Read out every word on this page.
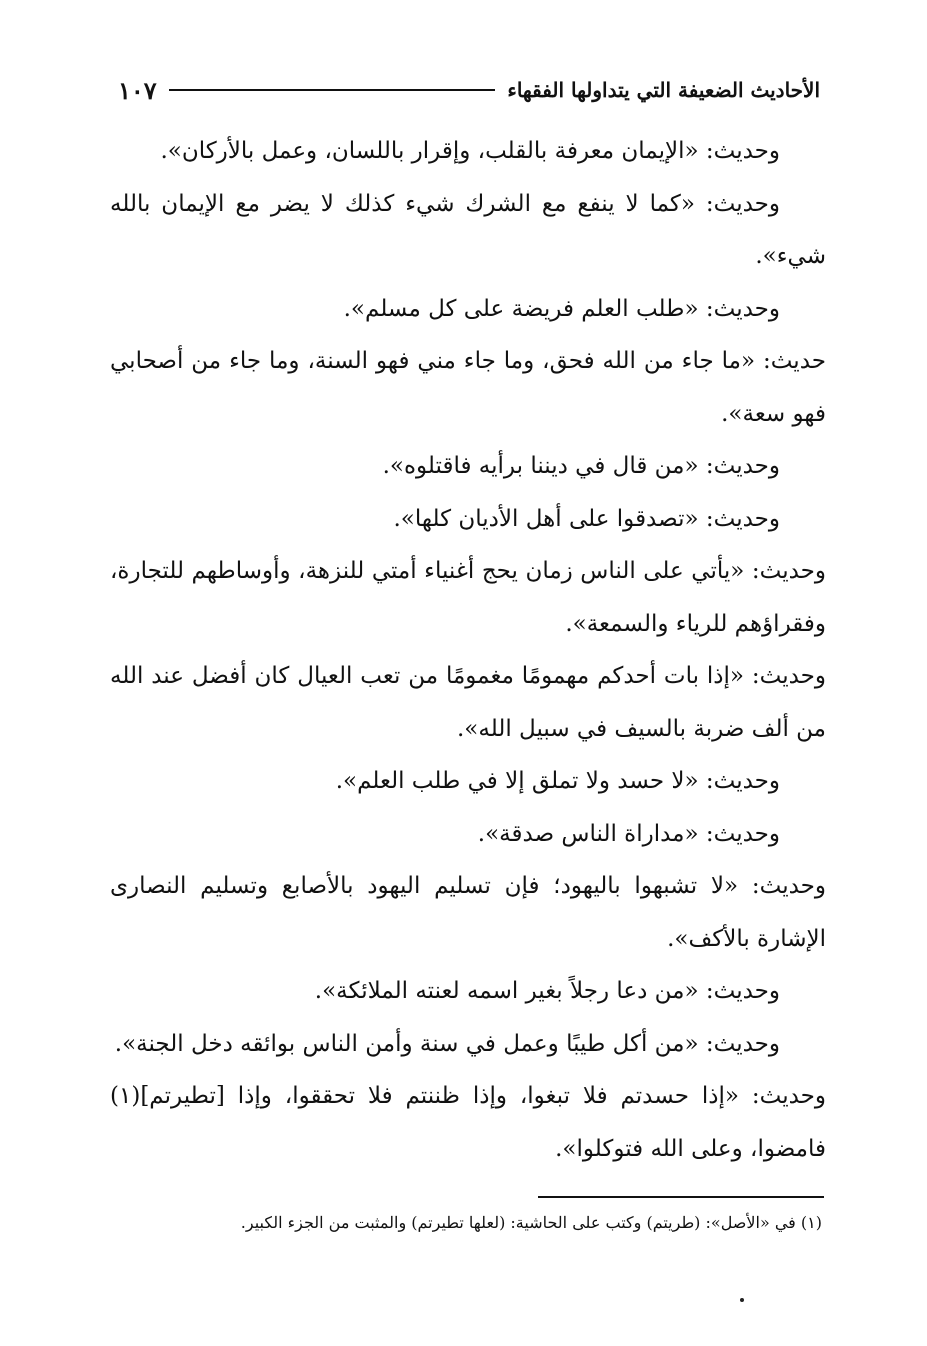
الأحاديث الضعيفة التي يتداولها الفقهاء
١٠٧

وحديث: «الإيمان معرفة بالقلب، وإقرار باللسان، وعمل بالأركان».

وحديث: «كما لا ينفع مع الشرك شيء كذلك لا يضر مع الإيمان بالله شيء».

وحديث: «طلب العلم فريضة على كل مسلم».

حديث: «ما جاء من الله فحق، وما جاء مني فهو السنة، وما جاء من أصحابي فهو سعة».

وحديث: «من قال في ديننا برأيه فاقتلوه».

وحديث: «تصدقوا على أهل الأديان كلها».

وحديث: «يأتي على الناس زمان يحج أغنياء أمتي للنزهة، وأوساطهم للتجارة، وفقراؤهم للرياء والسمعة».

وحديث: «إذا بات أحدكم مهمومًا مغمومًا من تعب العيال كان أفضل عند الله من ألف ضربة بالسيف في سبيل الله».

وحديث: «لا حسد ولا تملق إلا في طلب العلم».

وحديث: «مداراة الناس صدقة».

وحديث: «لا تشبهوا باليهود؛ فإن تسليم اليهود بالأصابع وتسليم النصارى الإشارة بالأكف».

وحديث: «من دعا رجلاً بغير اسمه لعنته الملائكة».

وحديث: «من أكل طيبًا وعمل في سنة وأمن الناس بوائقه دخل الجنة».

وحديث: «إذا حسدتم فلا تبغوا، وإذا ظننتم فلا تحققوا، وإذا [تطيرتم](١) فامضوا، وعلى الله فتوكلوا».

(١) في «الأصل»: (طريتم) وكتب على الحاشية: (لعلها تطيرتم) والمثبت من الجزء الكبير.
